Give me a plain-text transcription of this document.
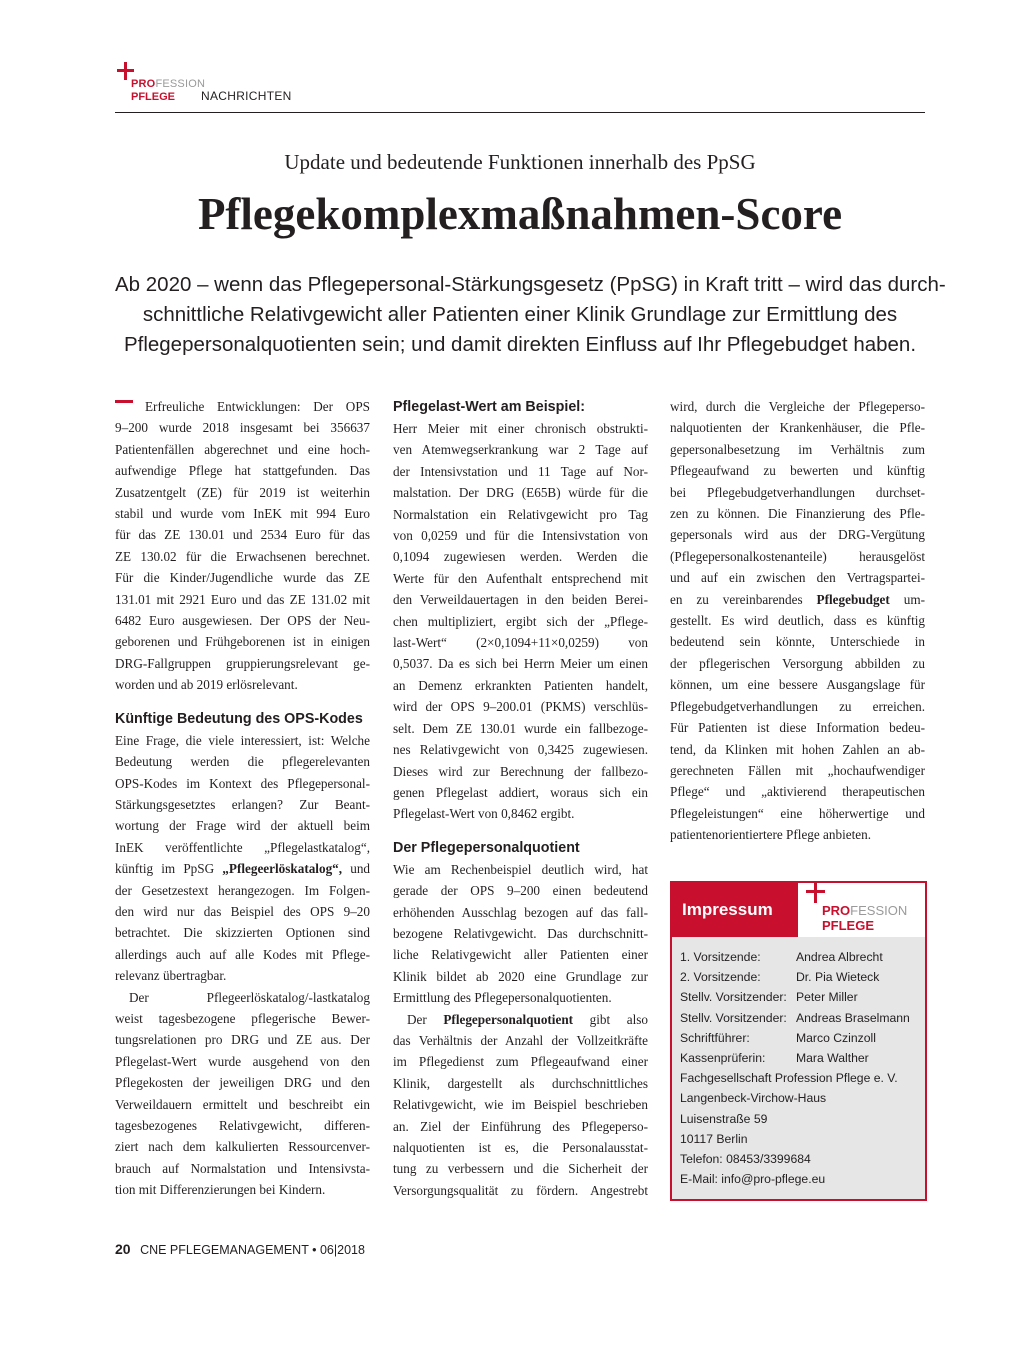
PROFESSION
PFLEGE NACHRICHTEN
Update und bedeutende Funktionen innerhalb des PpSG
Pflegekomplexmaßnahmen-Score
Ab 2020 – wenn das Pflegepersonal-Stärkungsgesetz (PpSG) in Kraft tritt – wird das durch-
schnittliche Relativgewicht aller Patienten einer Klinik Grundlage zur Ermittlung des
Pflegepersonalquotienten sein; und damit direkten Einfluss auf Ihr Pflegebudget haben.
Erfreuliche Entwicklungen: Der OPS
9–200 wurde 2018 insgesamt bei 356637
Patientenfällen abgerechnet und eine hoch-
aufwendige Pflege hat stattgefunden. Das
Zusatzentgelt (ZE) für 2019 ist weiterhin
stabil und wurde vom InEK mit 994 Euro
für das ZE 130.01 und 2534 Euro für das
ZE 130.02 für die Erwachsenen berechnet.
Für die Kinder/Jugendliche wurde das ZE
131.01 mit 2921 Euro und das ZE 131.02 mit
6482 Euro ausgewiesen. Der OPS der Neu-
geborenen und Frühgeborenen ist in einigen
DRG-Fallgruppen gruppierungsrelevant ge-
worden und ab 2019 erlösrelevant.
Künftige Bedeutung des OPS-Kodes
Eine Frage, die viele interessiert, ist: Welche
Bedeutung werden die pflegerelevanten
OPS-Kodes im Kontext des Pflegepersonal-
Stärkungsgesetztes erlangen? Zur Beant-
wortung der Frage wird der aktuell beim
InEK veröffentlichte „Pflegelastkatalog“,
künftig im PpSG „Pflegeerlöskatalog“, und
der Gesetzestext herangezogen. Im Folgen-
den wird nur das Beispiel des OPS 9–20
betrachtet. Die skizzierten Optionen sind
allerdings auch auf alle Kodes mit Pflege-
relevanz übertragbar.
Der Pflegeerlöskatalog/-lastkatalog
weist tagesbezogene pflegerische Bewer-
tungsrelationen pro DRG und ZE aus. Der
Pflegelast-Wert wurde ausgehend von den
Pflegekosten der jeweiligen DRG und den
Verweildauern ermittelt und beschreibt ein
tagesbezogenes Relativgewicht, differen-
ziert nach dem kalkulierten Ressourcenver-
brauch auf Normalstation und Intensivsta-
tion mit Differenzierungen bei Kindern.
Pflegelast-Wert am Beispiel:
Herr Meier mit einer chronisch obstrukti-
ven Atemwegserkrankung war 2 Tage auf
der Intensivstation und 11 Tage auf Nor-
malstation. Der DRG (E65B) würde für die
Normalstation ein Relativgewicht pro Tag
von 0,0259 und für die Intensivstation von
0,1094 zugewiesen werden. Werden die
Werte für den Aufenthalt entsprechend mit
den Verweildauertagen in den beiden Berei-
chen multipliziert, ergibt sich der „Pflege-
last-Wert“ (2×0,1094+11×0,0259) von
0,5037. Da es sich bei Herrn Meier um einen
an Demenz erkrankten Patienten handelt,
wird der OPS 9–200.01 (PKMS) verschlüs-
selt. Dem ZE 130.01 wurde ein fallbezoge-
nes Relativgewicht von 0,3425 zugewiesen.
Dieses wird zur Berechnung der fallbezo-
genen Pflegelast addiert, woraus sich ein
Pflegelast-Wert von 0,8462 ergibt.
Der Pflegepersonalquotient
Wie am Rechenbeispiel deutlich wird, hat
gerade der OPS 9–200 einen bedeutend
erhöhenden Ausschlag bezogen auf das fall-
bezogene Relativgewicht. Das durchschnitt-
liche Relativgewicht aller Patienten einer
Klinik bildet ab 2020 eine Grundlage zur
Ermittlung des Pflegepersonalquotienten.
Der Pflegepersonalquotient gibt also
das Verhältnis der Anzahl der Vollzeitkräfte
im Pflegedienst zum Pflegeaufwand einer
Klinik, dargestellt als durchschnittliches
Relativgewicht, wie im Beispiel beschrieben
an. Ziel der Einführung des Pflegeperso-
nalquotienten ist es, die Personalausstat-
tung zu verbessern und die Sicherheit der
Versorgungsqualität zu fördern. Angestrebt
wird, durch die Vergleiche der Pflegeperso-
nalquotienten der Krankenhäuser, die Pfle-
gepersonalbesetzung im Verhältnis zum
Pflegeaufwand zu bewerten und künftig
bei Pflegebudgetverhandlungen durchset-
zen zu können. Die Finanzierung des Pfle-
gepersonals wird aus der DRG-Vergütung
(Pflegepersonalkostenanteile) herausgelöst
und auf ein zwischen den Vertragspartei-
en zu vereinbarendes Pflegebudget um-
gestellt. Es wird deutlich, dass es künftig
bedeutend sein könnte, Unterschiede in
der pflegerischen Versorgung abbilden zu
können, um eine bessere Ausgangslage für
Pflegebudgetverhandlungen zu erreichen.
Für Patienten ist diese Information bedeu-
tend, da Klinken mit hohen Zahlen an ab-
gerechneten Fällen mit „hochaufwendiger
Pflege“ und „aktivierend therapeutischen
Pflegeleistungen“ eine höherwertige und
patientenorientiertere Pflege anbieten.
Impressum	PROFESSION
PFLEGE
1. Vorsitzende:	Andrea Albrecht
2. Vorsitzende:	Dr. Pia Wieteck
Stellv. Vorsitzender: Peter Miller
Stellv. Vorsitzender: Andreas Braselmann
Schriftführer:	Marco Czinzoll
Kassenprüferin:	Mara Walther
Fachgesellschaft Profession Pflege e. V.
Langenbeck-Virchow-Haus
Luisenstraße 59
10117 Berlin
Telefon: 08453/3399684
E-Mail: info@pro-pflege.eu
20 CNE PFLEGEMANAGEMENT • 06|2018
